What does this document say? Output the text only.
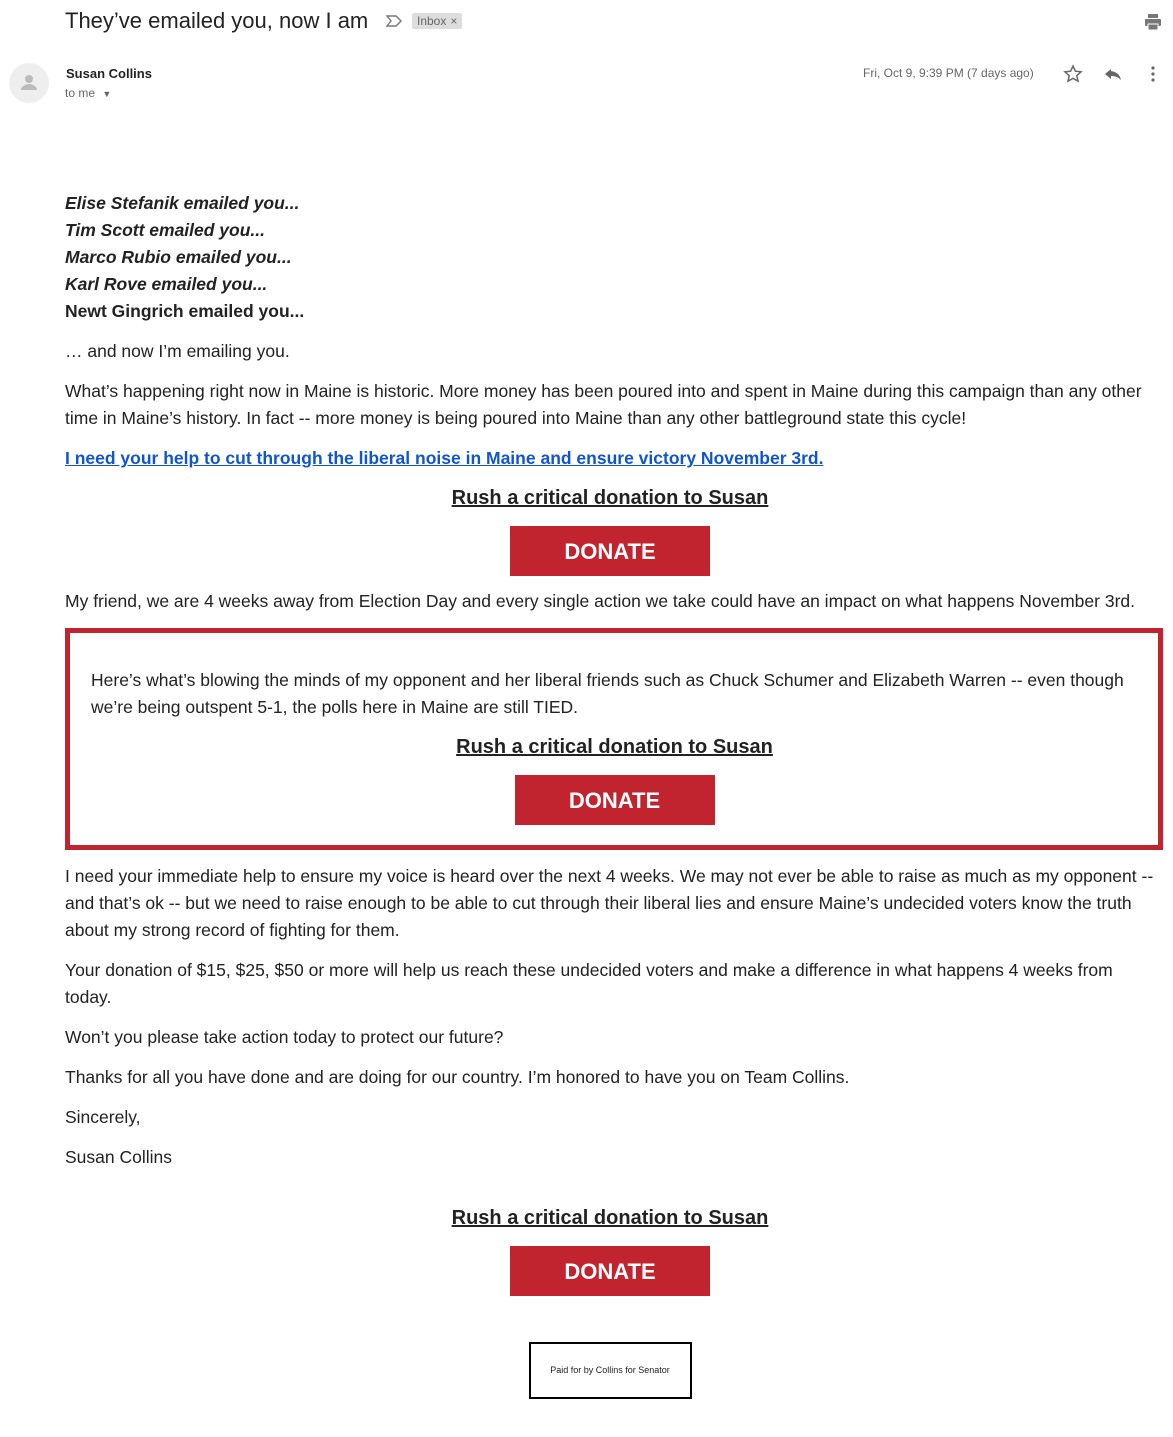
They’ve emailed you, now I am	Inbox ×
Susan Collins
to me ▼
Fri, Oct 9, 9:39 PM (7 days ago)

Elise Stefanik emailed you...

Tim Scott emailed you...

Marco Rubio emailed you...

Karl Rove emailed you...

Newt Gingrich emailed you...

… and now I’m emailing you.

What’s happening right now in Maine is historic. More money has been poured into and spent in Maine during this campaign than any other time in Maine’s history. In fact -- more money is being poured into Maine than any other battleground state this cycle!

I need your help to cut through the liberal noise in Maine and ensure victory November 3rd.

Rush a critical donation to Susan
DONATE

My friend, we are 4 weeks away from Election Day and every single action we take could have an impact on what happens November 3rd.

Here’s what’s blowing the minds of my opponent and her liberal friends such as Chuck Schumer and Elizabeth Warren -- even though we’re being outspent 5-1, the polls here in Maine are still TIED.

Rush a critical donation to Susan
DONATE

I need your immediate help to ensure my voice is heard over the next 4 weeks. We may not ever be able to raise as much as my opponent -- and that’s ok -- but we need to raise enough to be able to cut through their liberal lies and ensure Maine’s undecided voters know the truth about my strong record of fighting for them.

Your donation of $15, $25, $50 or more will help us reach these undecided voters and make a difference in what happens 4 weeks from today.

Won’t you please take action today to protect our future?

Thanks for all you have done and are doing for our country. I’m honored to have you on Team Collins.

Sincerely,

Susan Collins

Rush a critical donation to Susan
DONATE
Paid for by Collins for Senator
